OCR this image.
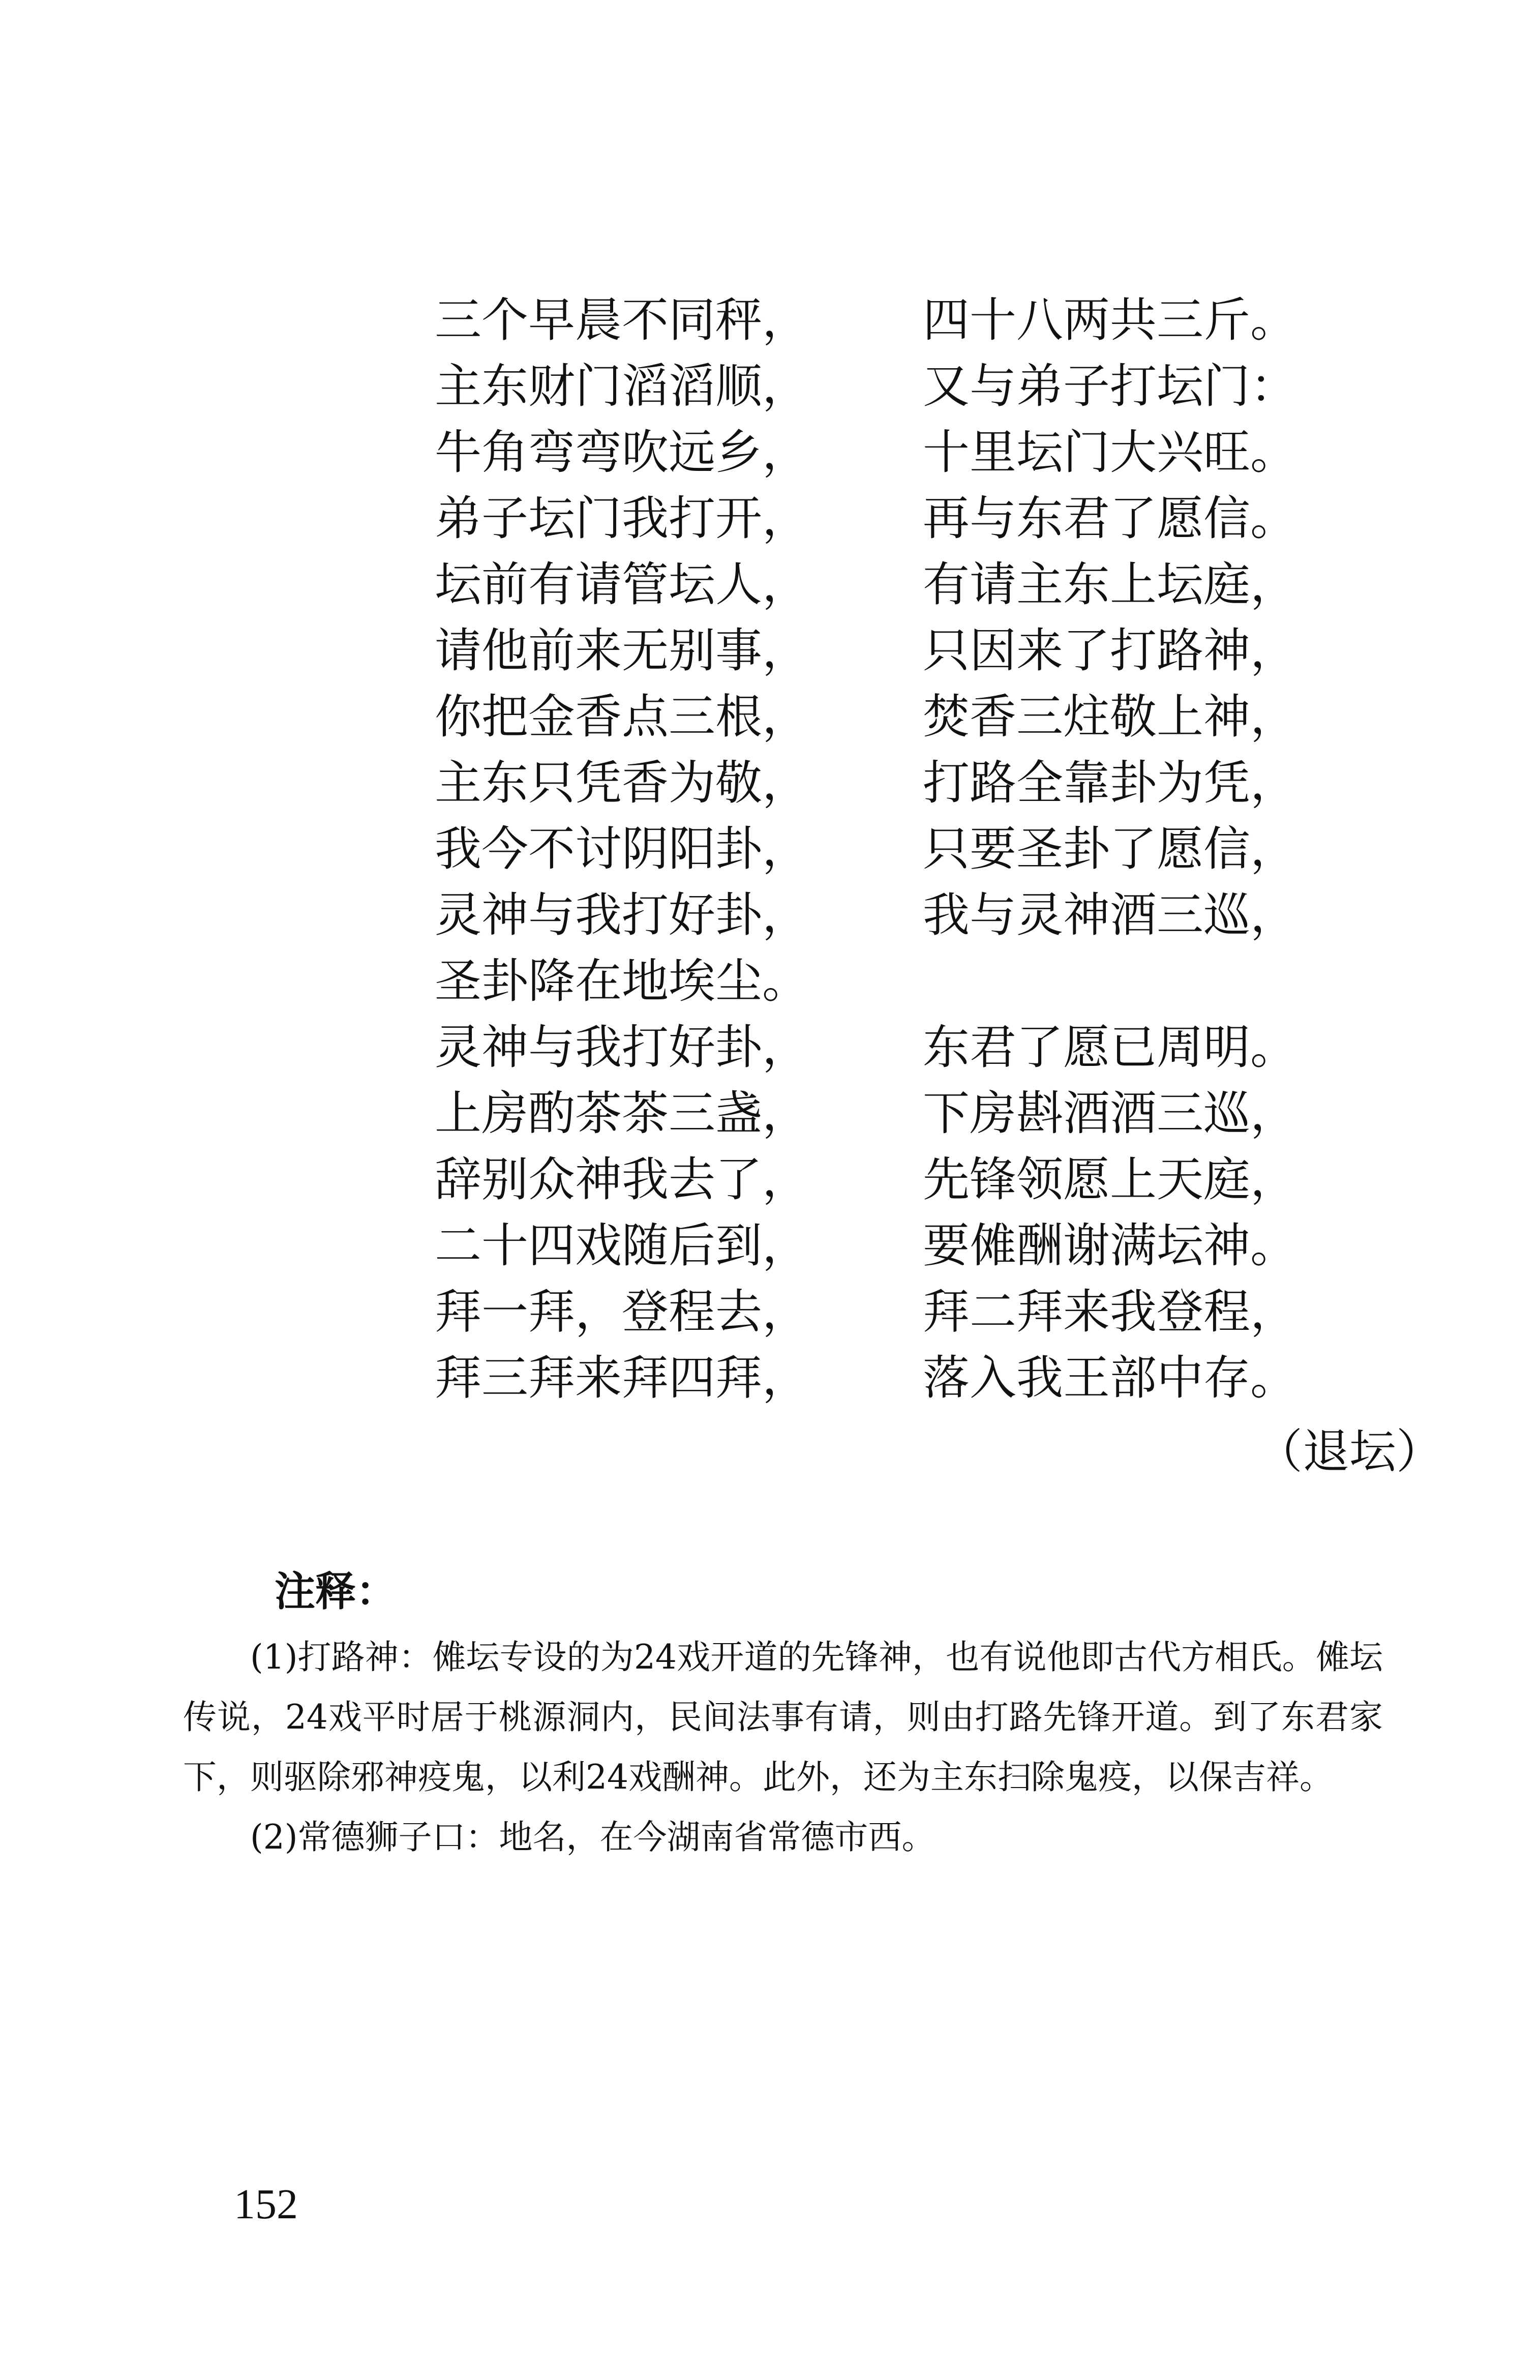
三个早晨不同秤， 四十八两共三斤。
主东财门滔滔顺， 又与弟子打坛门：
牛角弯弯吹远乡， 十里坛门大兴旺。
弟子坛门我打开， 再与东君了愿信。
坛前有请管坛人， 有请主东上坛庭，
请他前来无别事， 只因来了打路神，
你把金香点三根， 焚香三炷敬上神，
主东只凭香为敬， 打路全靠卦为凭，
我今不讨阴阳卦， 只要圣卦了愿信，
灵神与我打好卦， 我与灵神酒三巡，
圣卦降在地埃尘。
灵神与我打好卦， 东君了愿已周明。
上房酌茶茶三盏， 下房斟酒酒三巡，
辞别众神我去了， 先锋领愿上天庭，
二十四戏随后到， 要傩酬谢满坛神。
拜一拜，登程去， 拜二拜来我登程，
拜三拜来拜四拜， 落入我王部中存。
（退坛）
注释：

(1)打路神：傩坛专设的为24戏开道的先锋神，也有说他即古代方相氏。傩坛传说，24戏平时居于桃源洞内，民间法事有请，则由打路先锋开道。到了东君家下，则驱除邪神疫鬼，以利24戏酬神。此外，还为主东扫除鬼疫，以保吉祥。

(2)常德狮子口：地名，在今湖南省常德市西。

152
